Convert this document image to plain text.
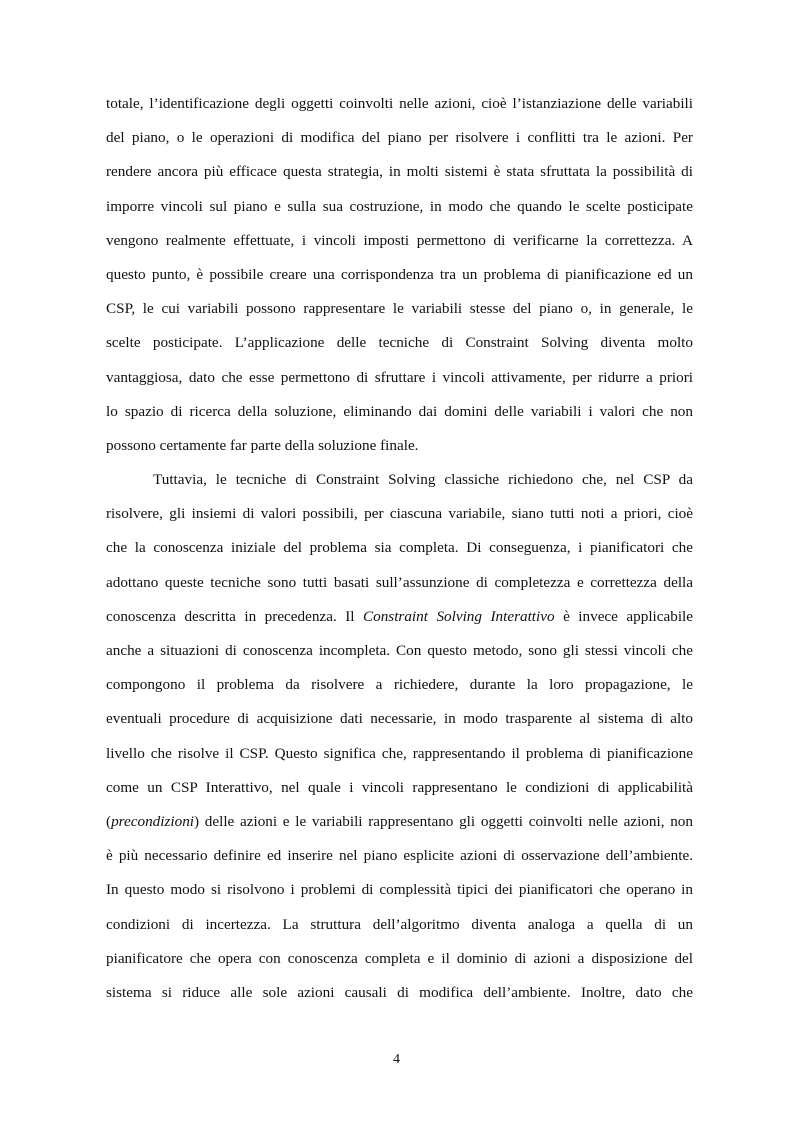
totale, l’identificazione degli oggetti coinvolti nelle azioni, cioè l’istanziazione delle variabili
del piano, o le operazioni di modifica del piano per risolvere i conflitti tra le azioni. Per
rendere ancora più efficace questa strategia, in molti sistemi è stata sfruttata la possibilità di
imporre vincoli sul piano e sulla sua costruzione, in modo che quando le scelte posticipate
vengono realmente effettuate, i vincoli imposti permettono di verificarne la correttezza. A
questo punto, è possibile creare una corrispondenza tra un problema di pianificazione ed un
CSP, le cui variabili possono rappresentare le variabili stesse del piano o, in generale, le
scelte posticipate. L’applicazione delle tecniche di Constraint Solving diventa molto
vantaggiosa, dato che esse permettono di sfruttare i vincoli attivamente, per ridurre a priori
lo spazio di ricerca della soluzione, eliminando dai domini delle variabili i valori che non
possono certamente far parte della soluzione finale.
Tuttavia, le tecniche di Constraint Solving classiche richiedono che, nel CSP da
risolvere, gli insiemi di valori possibili, per ciascuna variabile, siano tutti noti a priori, cioè
che la conoscenza iniziale del problema sia completa. Di conseguenza, i pianificatori che
adottano queste tecniche sono tutti basati sull’assunzione di completezza e correttezza della
conoscenza descritta in precedenza. Il Constraint Solving Interattivo è invece applicabile
anche a situazioni di conoscenza incompleta. Con questo metodo, sono gli stessi vincoli che
compongono il problema da risolvere a richiedere, durante la loro propagazione, le
eventuali procedure di acquisizione dati necessarie, in modo trasparente al sistema di alto
livello che risolve il CSP. Questo significa che, rappresentando il problema di pianificazione
come un CSP Interattivo, nel quale i vincoli rappresentano le condizioni di applicabilità
(precondizioni) delle azioni e le variabili rappresentano gli oggetti coinvolti nelle azioni, non
è più necessario definire ed inserire nel piano esplicite azioni di osservazione dell’ambiente.
In questo modo si risolvono i problemi di complessità tipici dei pianificatori che operano in
condizioni di incertezza. La struttura dell’algoritmo diventa analoga a quella di un
pianificatore che opera con conoscenza completa e il dominio di azioni a disposizione del
sistema si riduce alle sole azioni causali di modifica dell’ambiente. Inoltre, dato che
4
